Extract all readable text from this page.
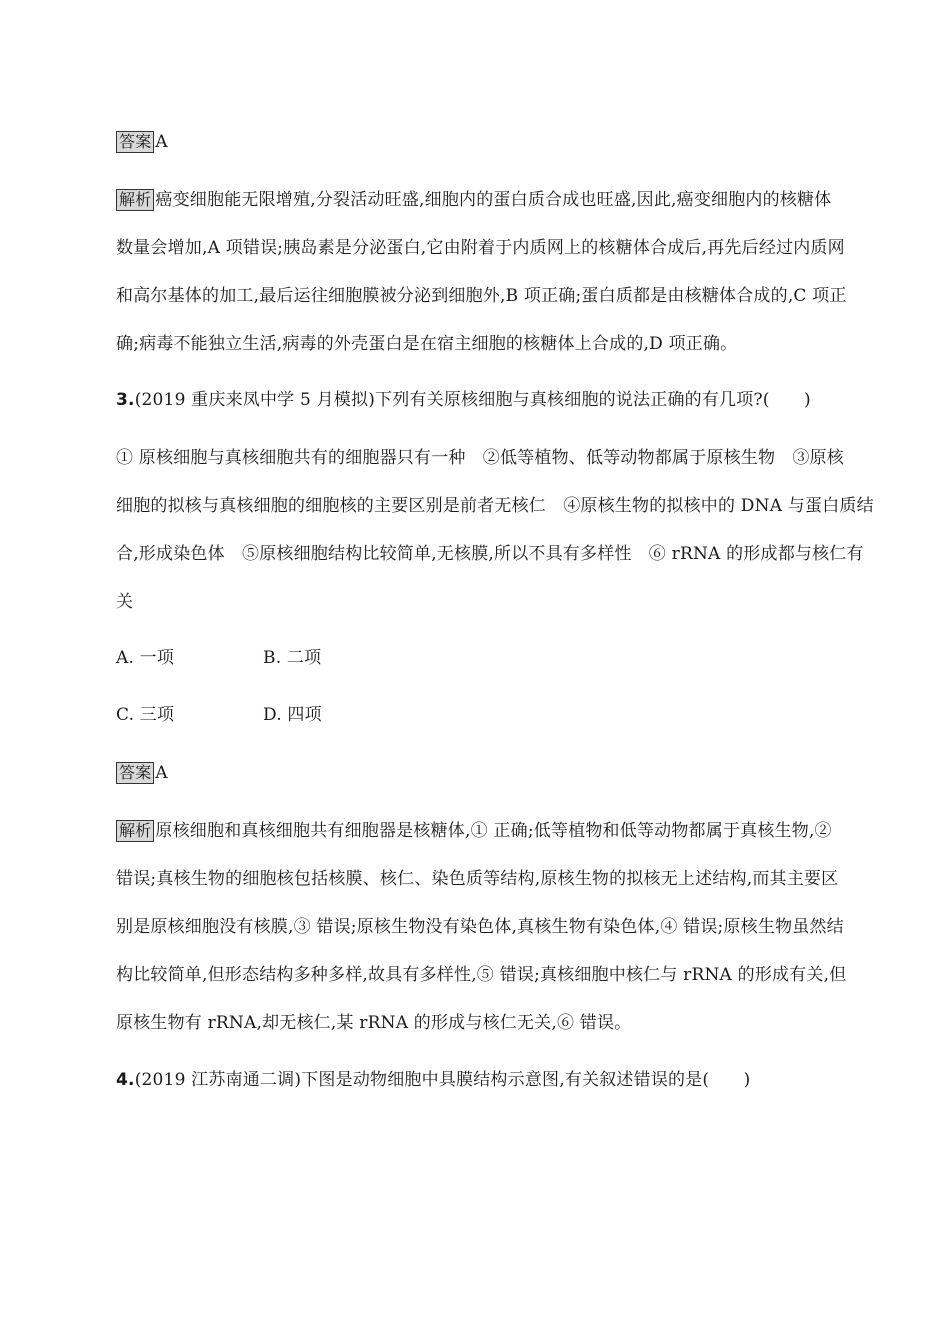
答案 A
解析 癌变细胞能无限增殖,分裂活动旺盛,细胞内的蛋白质合成也旺盛,因此,癌变细胞内的核糖体
数量会增加,A 项错误;胰岛素是分泌蛋白,它由附着于内质网上的核糖体合成后,再先后经过内质网
和高尔基体的加工,最后运往细胞膜被分泌到细胞外,B 项正确;蛋白质都是由核糖体合成的,C 项正
确;病毒不能独立生活,病毒的外壳蛋白是在宿主细胞的核糖体上合成的,D 项正确。
3.(2019 重庆来凤中学 5 月模拟)下列有关原核细胞与真核细胞的说法正确的有几项?(　　)
① 原核细胞与真核细胞共有的细胞器只有一种　②低等植物、低等动物都属于原核生物　③原核
细胞的拟核与真核细胞的细胞核的主要区别是前者无核仁　④原核生物的拟核中的 DNA 与蛋白质结
合,形成染色体　⑤原核细胞结构比较简单,无核膜,所以不具有多样性　⑥ rRNA 的形成都与核仁有
关
A. 一项	B. 二项
C. 三项	D. 四项
答案 A
解析 原核细胞和真核细胞共有细胞器是核糖体,① 正确;低等植物和低等动物都属于真核生物,②
错误;真核生物的细胞核包括核膜、核仁、染色质等结构,原核生物的拟核无上述结构,而其主要区
别是原核细胞没有核膜,③ 错误;原核生物没有染色体,真核生物有染色体,④ 错误;原核生物虽然结
构比较简单,但形态结构多种多样,故具有多样性,⑤ 错误;真核细胞中核仁与 rRNA 的形成有关,但
原核生物有 rRNA,却无核仁,某 rRNA 的形成与核仁无关,⑥ 错误。
4.(2019 江苏南通二调)下图是动物细胞中具膜结构示意图,有关叙述错误的是(　　)
